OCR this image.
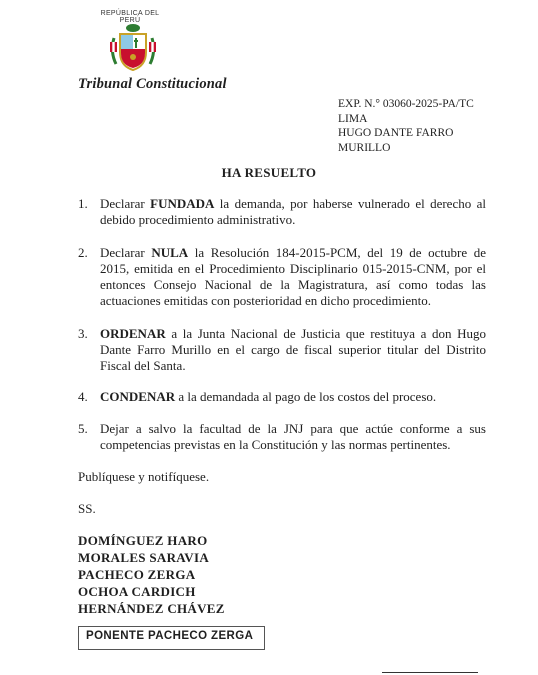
REPÚBLICA DEL PERÚ
Tribunal Constitucional
EXP. N.° 03060-2025-PA/TC
LIMA
HUGO DANTE FARRO
MURILLO
HA RESUELTO
1. Declarar FUNDADA la demanda, por haberse vulnerado el derecho al debido procedimiento administrativo.
2. Declarar NULA la Resolución 184-2015-PCM, del 19 de octubre de 2015, emitida en el Procedimiento Disciplinario 015-2015-CNM, por el entonces Consejo Nacional de la Magistratura, así como todas las actuaciones emitidas con posterioridad en dicho procedimiento.
3. ORDENAR a la Junta Nacional de Justicia que restituya a don Hugo Dante Farro Murillo en el cargo de fiscal superior titular del Distrito Fiscal del Santa.
4. CONDENAR a la demandada al pago de los costos del proceso.
5. Dejar a salvo la facultad de la JNJ para que actúe conforme a sus competencias previstas en la Constitución y las normas pertinentes.
Publíquese y notifíquese.
SS.
DOMÍNGUEZ HARO
MORALES SARAVIA
PACHECO ZERGA
OCHOA CARDICH
HERNÁNDEZ CHÁVEZ
PONENTE PACHECO ZERGA
